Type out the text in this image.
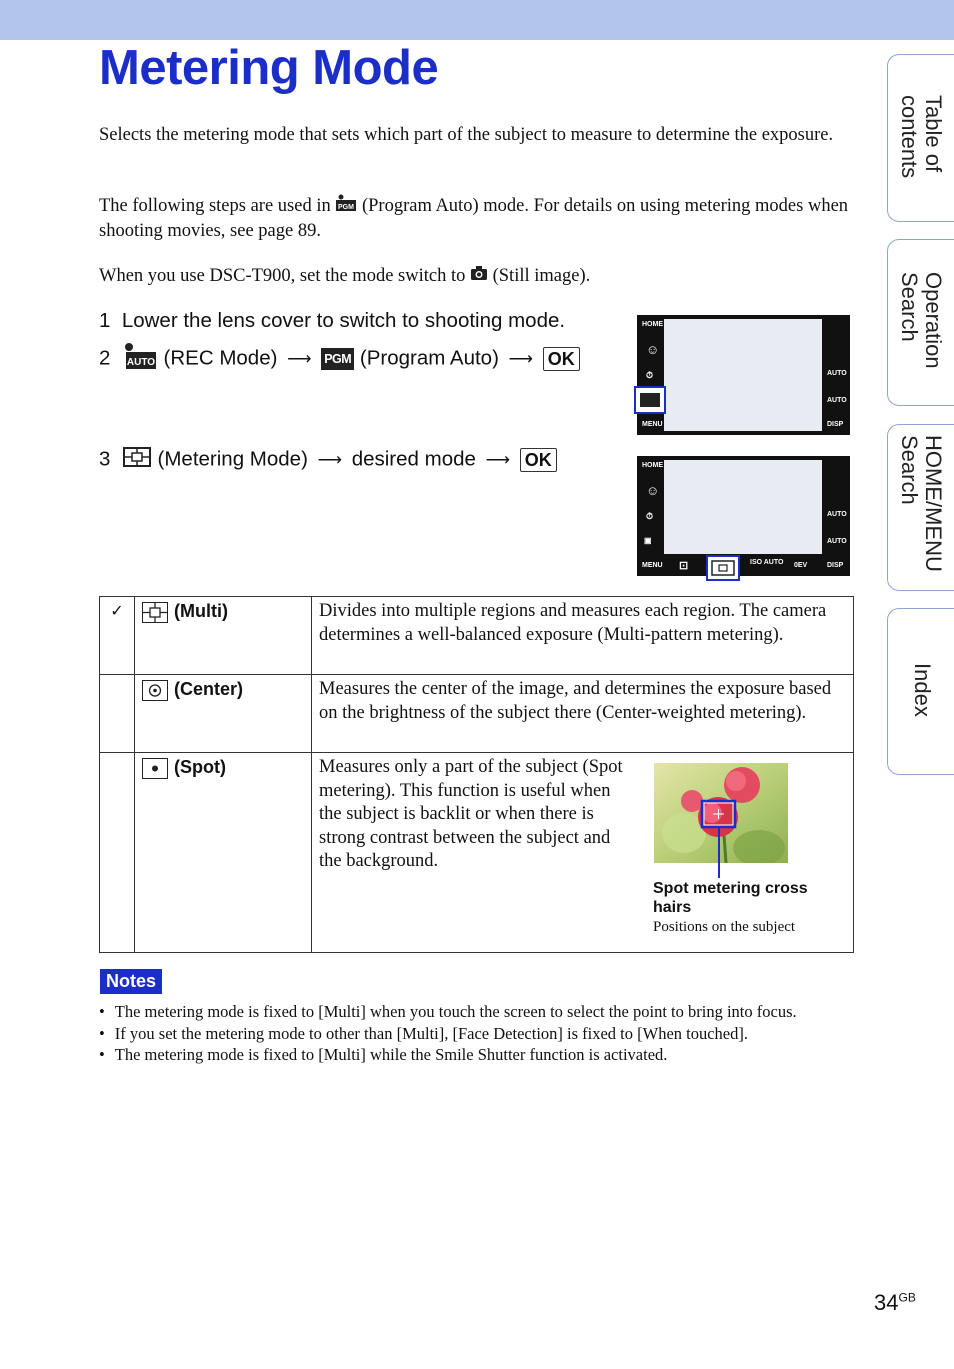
Metering Mode

Selects the metering mode that sets which part of the subject to measure to determine the exposure.

The following steps are used in PGM (Program Auto) mode. For details on using metering modes when shooting movies, see page 89.

When you use DSC-T900, set the mode switch to (Still image).

1 Lower the lens cover to switch to shooting mode.
2 AUTO (REC Mode) ⟶ PGM (Program Auto) ⟶ OK
3 (Metering Mode) ⟶ desired mode ⟶ OK
HOME
☺
⏱
MENU
AUTO
AUTO
DISP
HOME
☺
⏱
▣
MENU ⊡	ISO AUTO 0EV
AUTO
AUTO
DISP
Table of
contents
Operation
Search
HOME/MENU
Search
Index
✓	(Multi)	Divides into multiple regions and measures each region. The camera determines a well-balanced exposure (Multi-pattern metering).

(Center)	Measures the center of the image, and determines the exposure based on the brightness of the subject there (Center-weighted metering).

(Spot)	Measures only a part of the subject (Spot metering). This function is useful when the subject is backlit or when there is strong contrast between the subject and the background.
Spot metering cross hairs
Positions on the subject
Notes
• The metering mode is fixed to [Multi] when you touch the screen to select the point to bring into focus.
• If you set the metering mode to other than [Multi], [Face Detection] is fixed to [When touched].
• The metering mode is fixed to [Multi] while the Smile Shutter function is activated.
$34^{GB}$
